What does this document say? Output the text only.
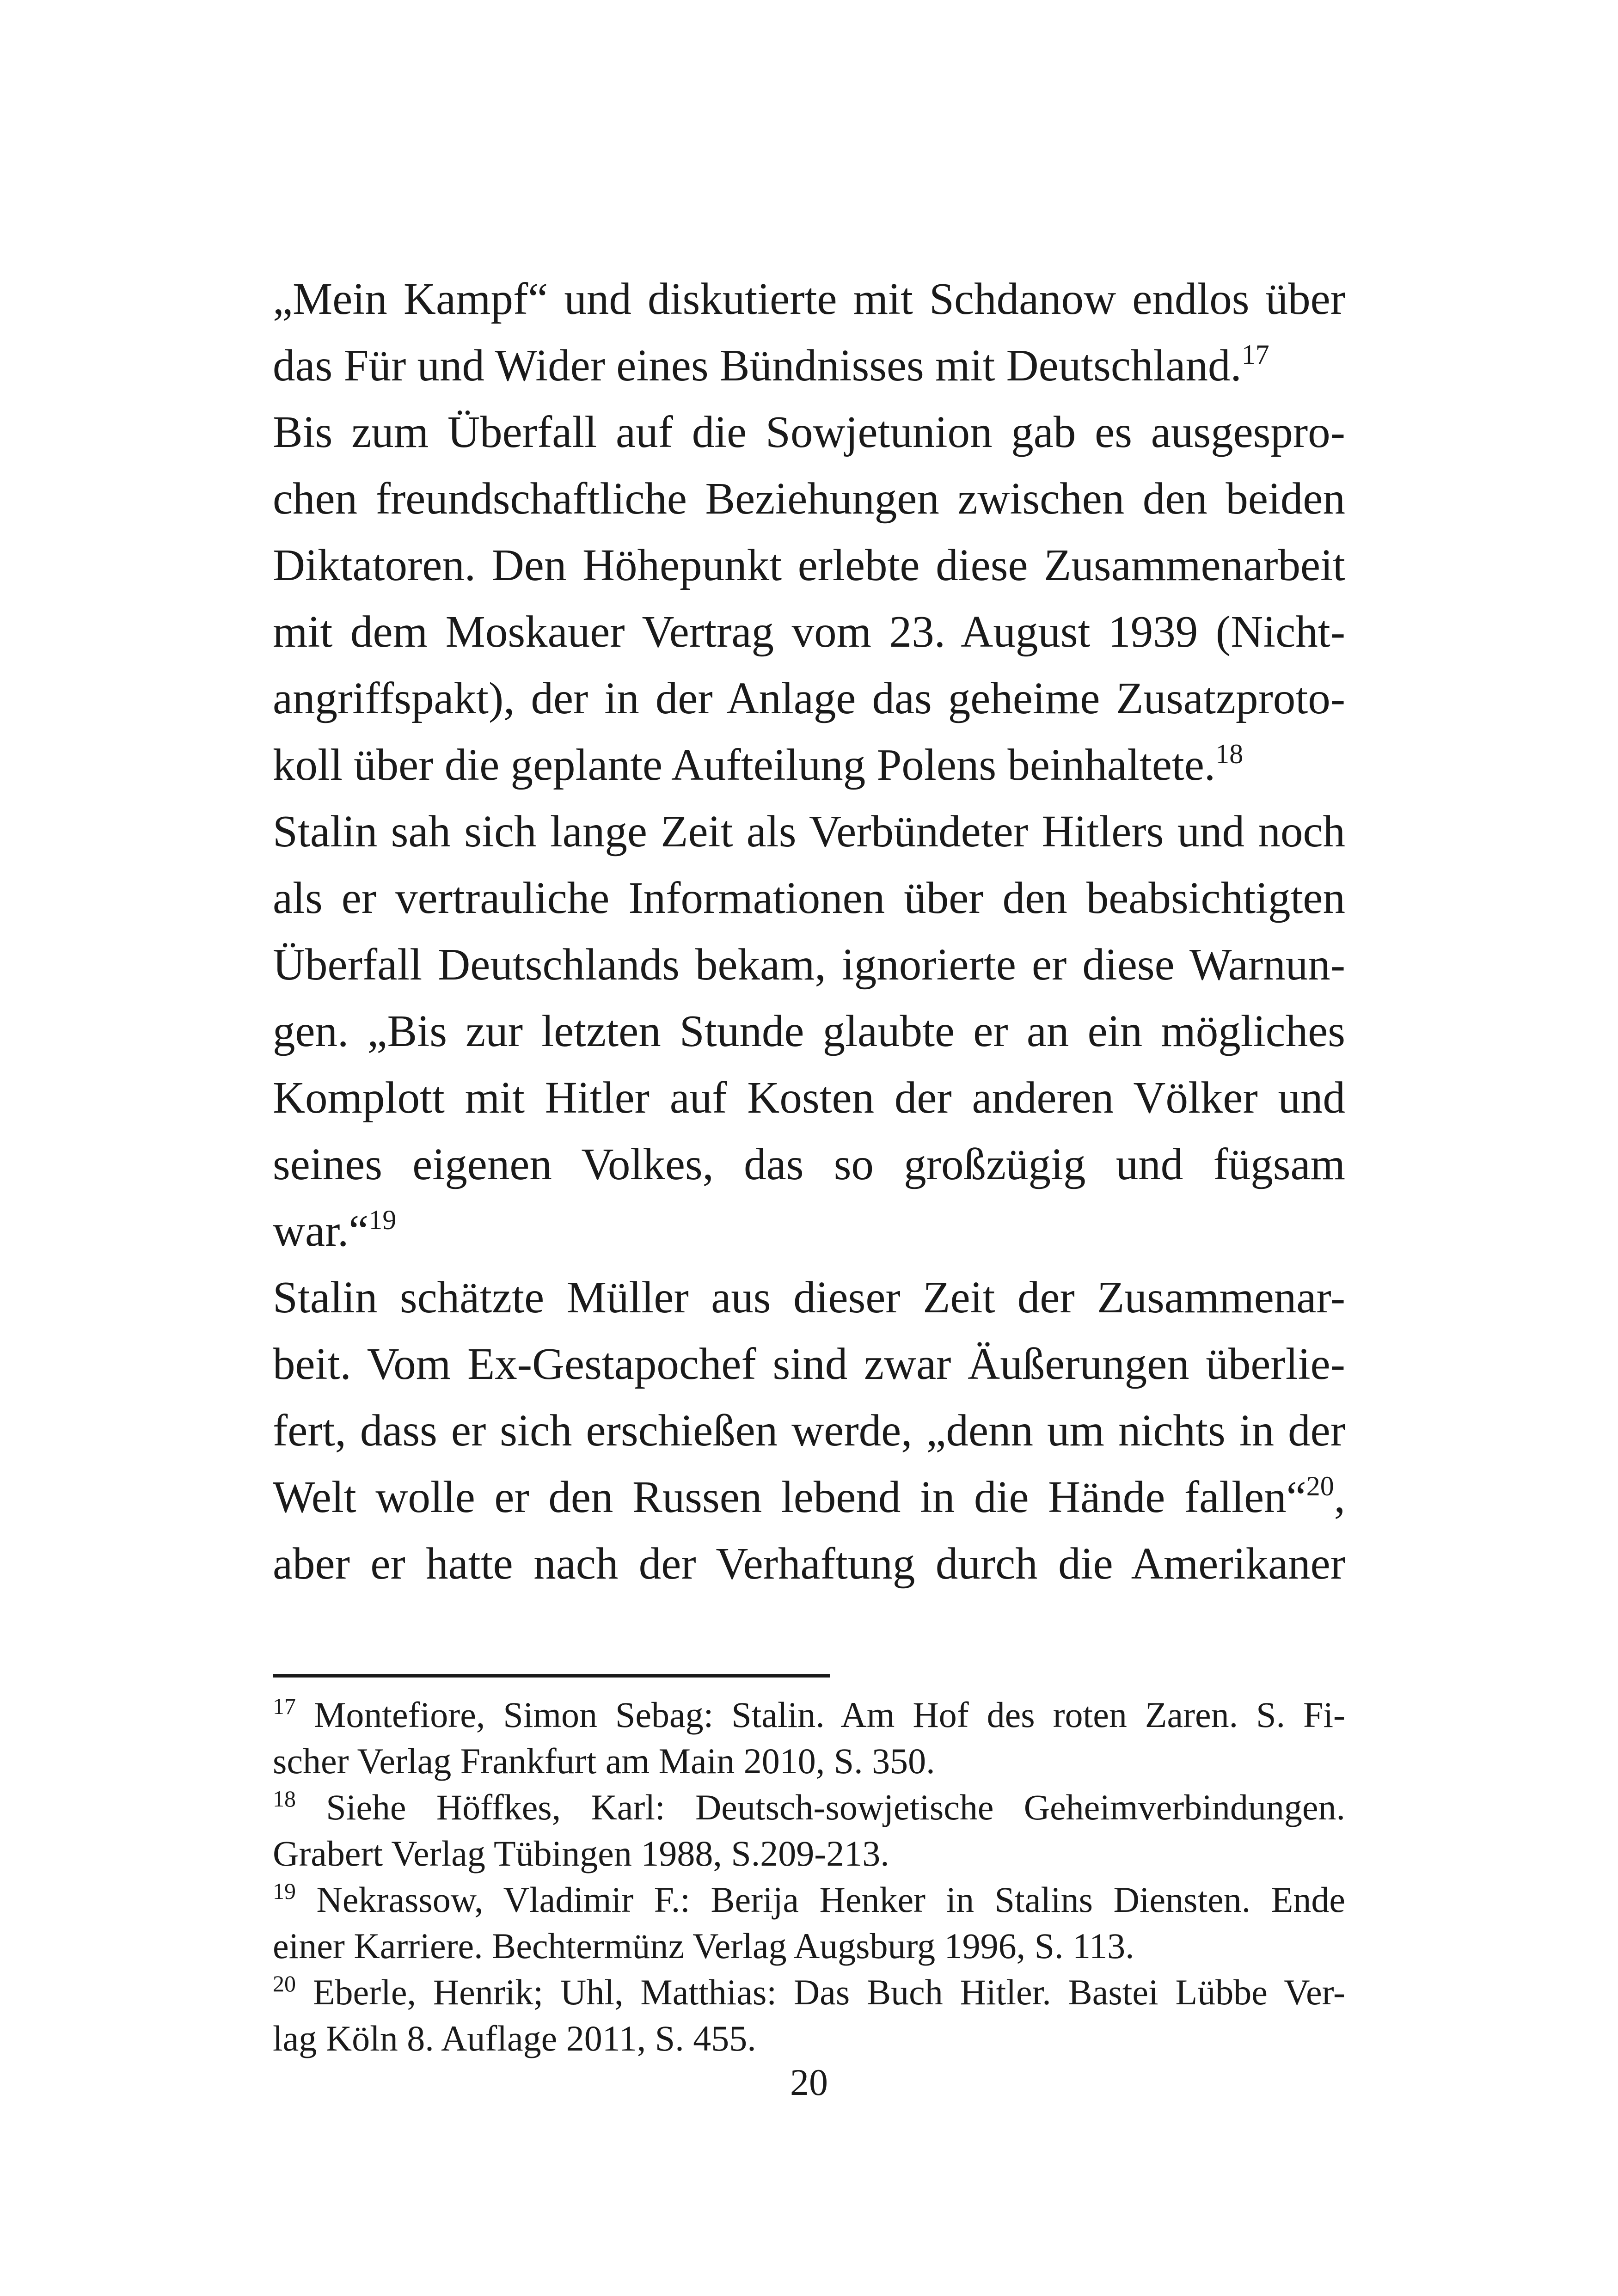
„Mein Kampf“ und diskutierte mit Schdanow endlos über
das Für und Wider eines Bündnisses mit Deutschland.$^{17}$
Bis zum Überfall auf die Sowjetunion gab es ausgespro-
chen freundschaftliche Beziehungen zwischen den beiden
Diktatoren. Den Höhepunkt erlebte diese Zusammenarbeit
mit dem Moskauer Vertrag vom 23. August 1939 (Nicht-
angriffspakt), der in der Anlage das geheime Zusatzproto-
koll über die geplante Aufteilung Polens beinhaltete.$^{18}$
Stalin sah sich lange Zeit als Verbündeter Hitlers und noch
als er vertrauliche Informationen über den beabsichtigten
Überfall Deutschlands bekam, ignorierte er diese Warnun-
gen. „Bis zur letzten Stunde glaubte er an ein mögliches
Komplott mit Hitler auf Kosten der anderen Völker und
seines eigenen Volkes, das so großzügig und fügsam
war.“$^{19}$
Stalin schätzte Müller aus dieser Zeit der Zusammenar-
beit. Vom Ex-Gestapochef sind zwar Äußerungen überlie-
fert, dass er sich erschießen werde, „denn um nichts in der
Welt wolle er den Russen lebend in die Hände fallen“$^{20}$,
aber er hatte nach der Verhaftung durch die Amerikaner
$^{17}$ Montefiore, Simon Sebag: Stalin. Am Hof des roten Zaren. S. Fi-
scher Verlag Frankfurt am Main 2010, S. 350.
$^{18}$ Siehe Höffkes, Karl: Deutsch-sowjetische Geheimverbindungen.
Grabert Verlag Tübingen 1988, S.209-213.
$^{19}$ Nekrassow, Vladimir F.: Berija Henker in Stalins Diensten. Ende
einer Karriere. Bechtermünz Verlag Augsburg 1996, S. 113.
$^{20}$ Eberle, Henrik; Uhl, Matthias: Das Buch Hitler. Bastei Lübbe Ver-
lag Köln 8. Auflage 2011, S. 455.
20
